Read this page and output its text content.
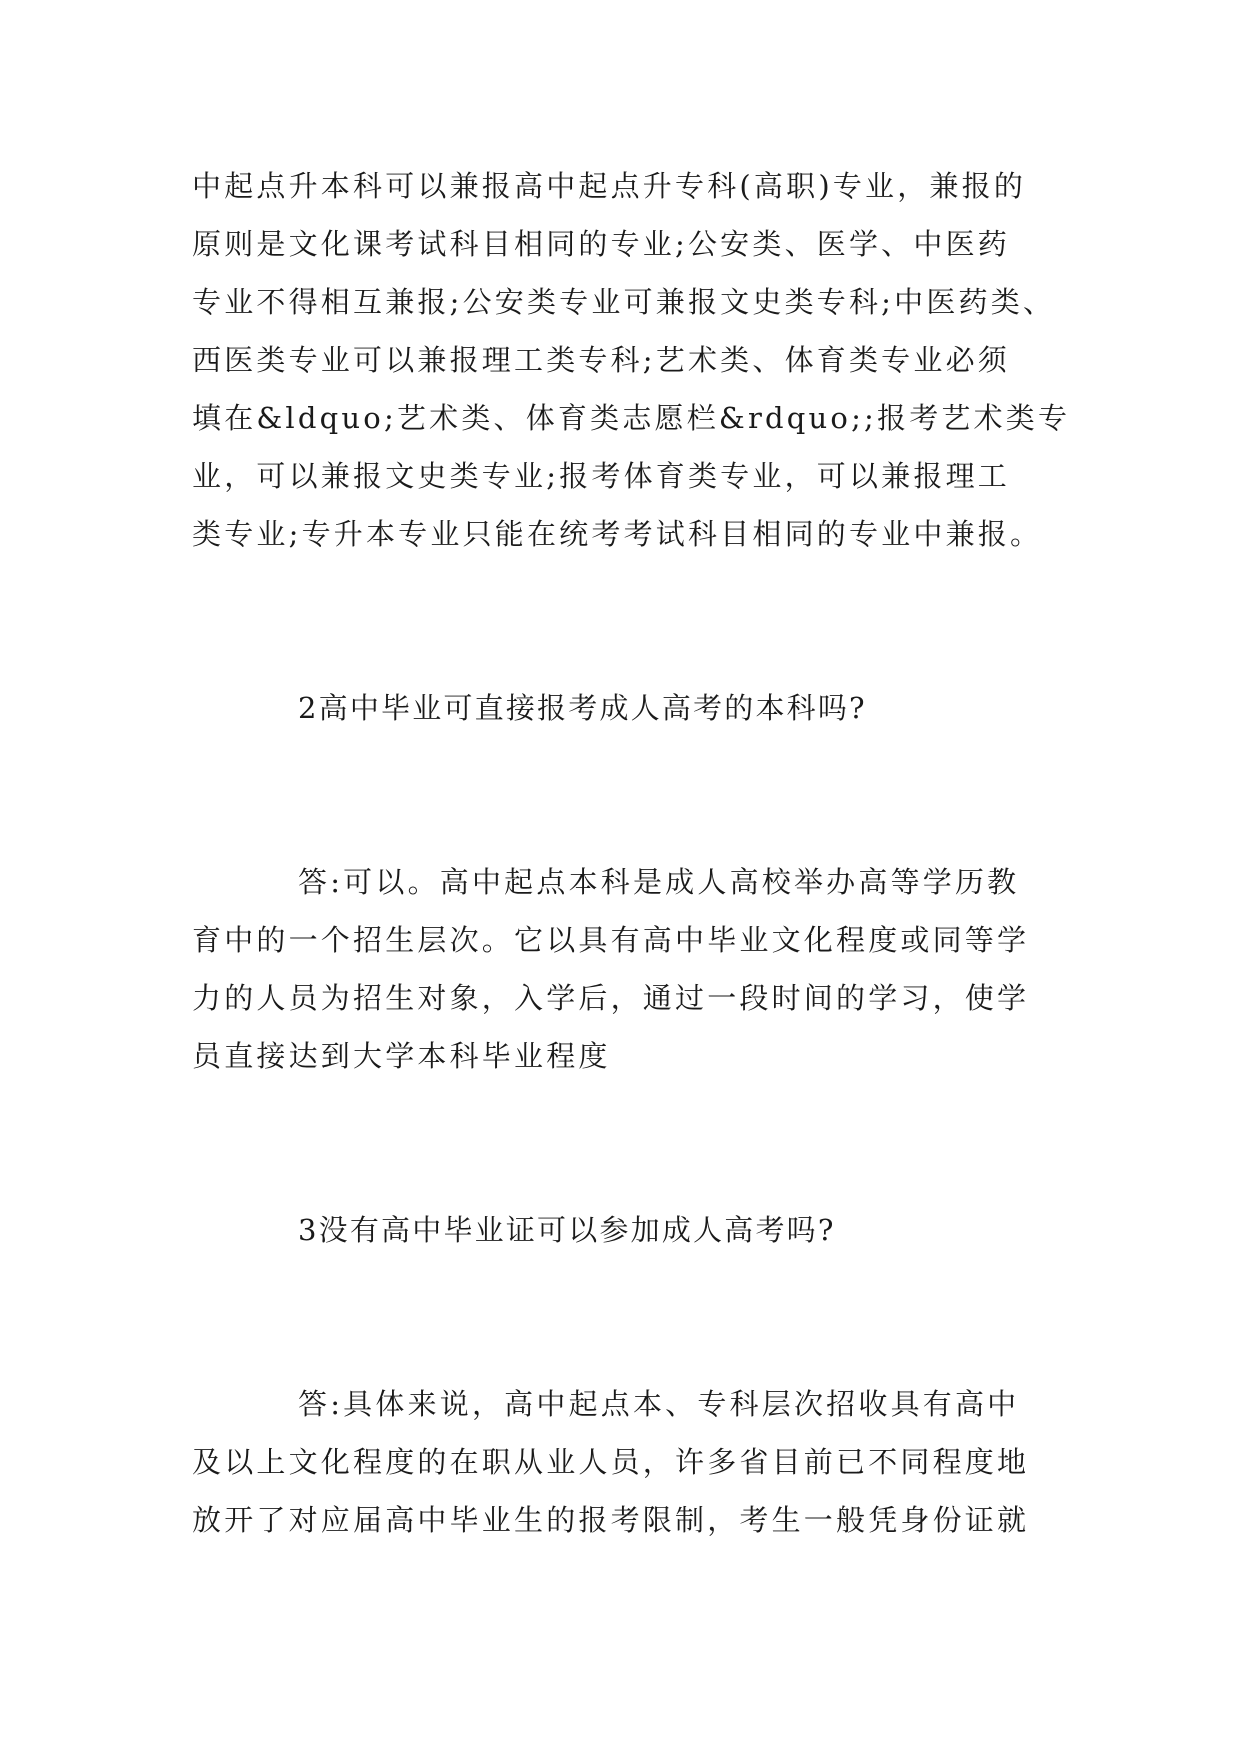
中起点升本科可以兼报高中起点升专科(高职)专业，兼报的
原则是文化课考试科目相同的专业;公安类、医学、中医药
专业不得相互兼报;公安类专业可兼报文史类专科;中医药类、
西医类专业可以兼报理工类专科;艺术类、体育类专业必须
填在&ldquo;艺术类、体育类志愿栏&rdquo;;报考艺术类专
业，可以兼报文史类专业;报考体育类专业，可以兼报理工
类专业;专升本专业只能在统考考试科目相同的专业中兼报。
2高中毕业可直接报考成人高考的本科吗?
答:可以。高中起点本科是成人高校举办高等学历教
育中的一个招生层次。它以具有高中毕业文化程度或同等学
力的人员为招生对象，入学后，通过一段时间的学习，使学
员直接达到大学本科毕业程度
3没有高中毕业证可以参加成人高考吗?
答:具体来说，高中起点本、专科层次招收具有高中
及以上文化程度的在职从业人员，许多省目前已不同程度地
放开了对应届高中毕业生的报考限制，考生一般凭身份证就
